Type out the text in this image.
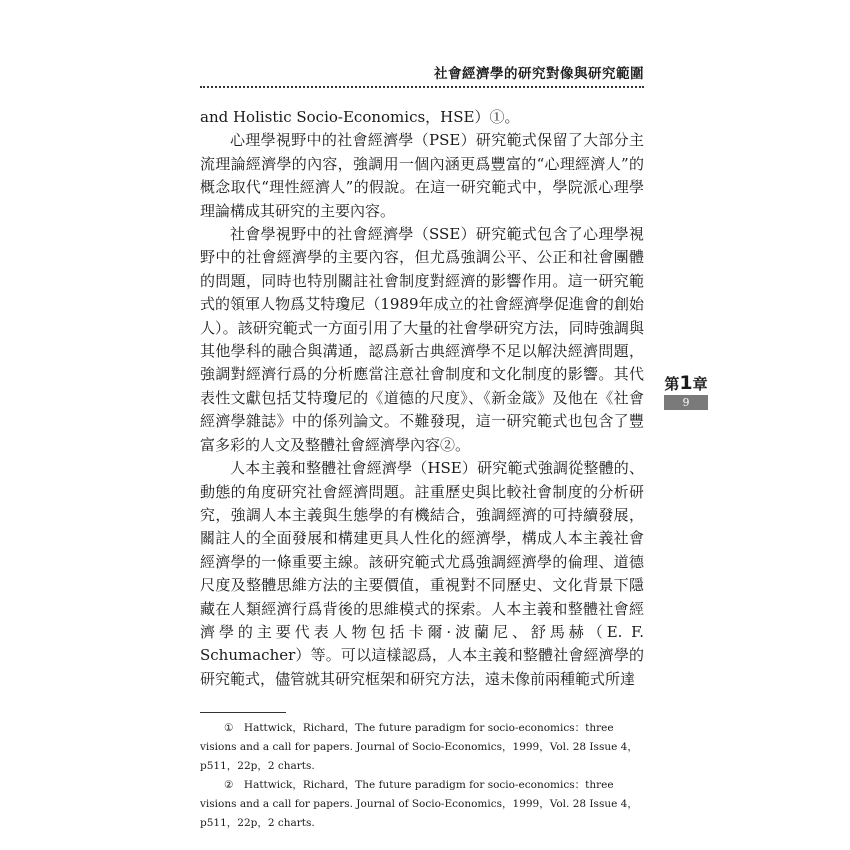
社會經濟學的研究對像與研究範圍

and Holistic Socio-Economics，HSE）①。

心理學視野中的社會經濟學（PSE）研究範式保留了大部分主流理論經濟學的內容，強調用一個內涵更爲豐富的“心理經濟人”的概念取代“理性經濟人”的假說。在這一研究範式中，學院派心理學理論構成其研究的主要內容。

社會學視野中的社會經濟學（SSE）研究範式包含了心理學視野中的社會經濟學的主要內容，但尤爲強調公平、公正和社會團體的問題，同時也特別關註社會制度對經濟的影響作用。這一研究範式的領軍人物爲艾特瓊尼（1989年成立的社會經濟學促進會的創始人）。該研究範式一方面引用了大量的社會學研究方法，同時強調與其他學科的融合與溝通，認爲新古典經濟學不足以解決經濟問題，強調對經濟行爲的分析應當注意社會制度和文化制度的影響。其代表性文獻包括艾特瓊尼的《道德的尺度》、《新金箴》及他在《社會經濟學雜誌》中的係列論文。不難發現，這一研究範式也包含了豐富多彩的人文及整體社會經濟學內容②。

人本主義和整體社會經濟學（HSE）研究範式強調從整體的、動態的角度研究社會經濟問題。註重歷史與比較社會制度的分析研究，強調人本主義與生態學的有機結合，強調經濟的可持續發展，關註人的全面發展和構建更具人性化的經濟學，構成人本主義社會經濟學的一條重要主線。該研究範式尤爲強調經濟學的倫理、道德尺度及整體思維方法的主要價值，重視對不同歷史、文化背景下隱藏在人類經濟行爲背後的思維模式的探索。人本主義和整體社會經濟學的主要代表人物包括卡爾·波蘭尼、舒馬赫（E. F. Schumacher）等。可以這樣認爲，人本主義和整體社會經濟學的研究範式，儘管就其研究框架和研究方法，遠未像前兩種範式所達

第1章
9

①　Hattwick，Richard，The future paradigm for socio-economics：three visions and a call for papers. Journal of Socio-Economics，1999，Vol. 28 Issue 4，p511，22p，2 charts.

②　Hattwick，Richard，The future paradigm for socio-economics：three visions and a call for papers. Journal of Socio-Economics，1999，Vol. 28 Issue 4，p511，22p，2 charts.
